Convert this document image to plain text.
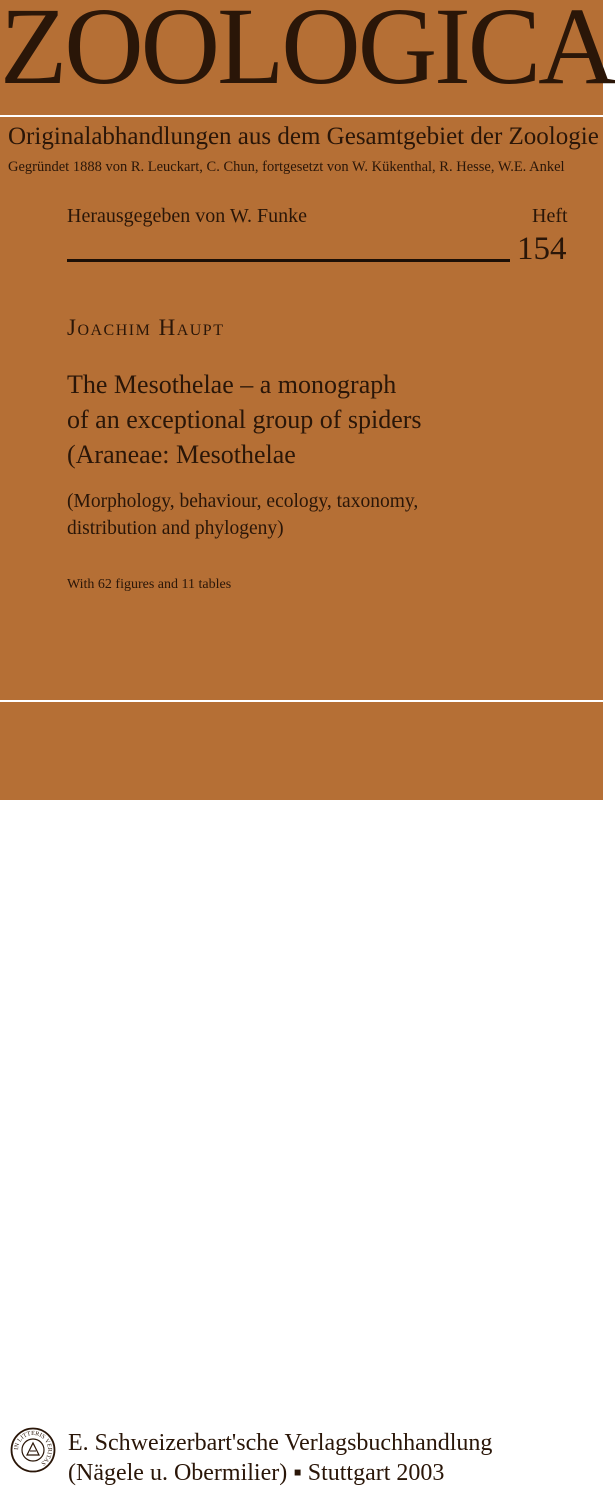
ZOOLOGICA
Originalabhandlungen aus dem Gesamtgebiet der Zoologie
Gegründet 1888 von R. Leuckart, C. Chun, fortgesetzt von W. Kükenthal, R. Hesse, W.E. Ankel
Herausgegeben von W. Funke	Heft
154
Joachim Haupt
The Mesothelae – a monograph
of an exceptional group of spiders
(Araneae: Mesothelae
(Morphology, behaviour, ecology, taxonomy,
distribution and phylogeny)
With 62 figures and 11 tables
IN LITTERIS VERITAS
E. Schweizerbart'sche Verlagsbuchhandlung
(Nägele u. Obermilier) ▪ Stuttgart 2003
